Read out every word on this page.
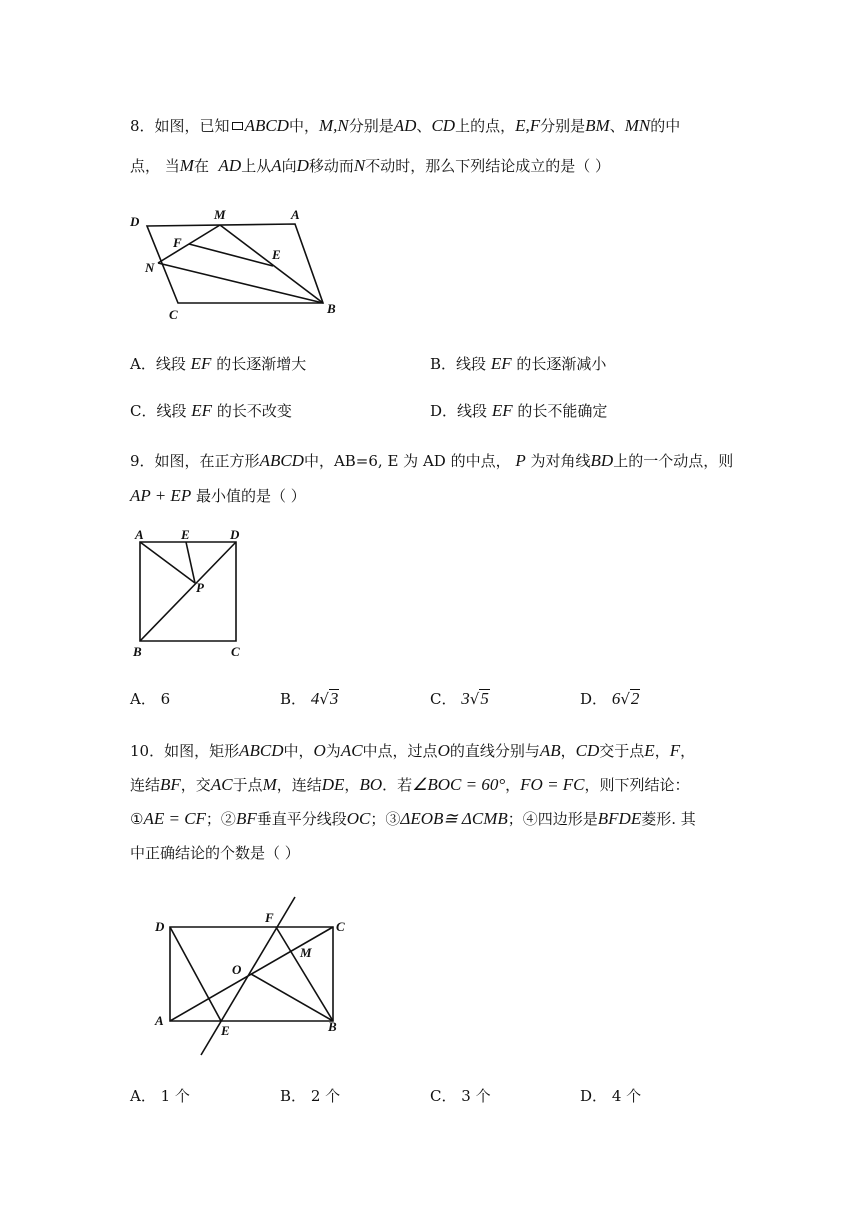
8．如图，已知 ABCD中，M,N分别是AD、CD上的点，E,F分别是BM、MN的中
点， 当M在 AD上从A向D移动而N不动时，那么下列结论成立的是（ ）
D	M	A
F
E
N
C	B
A．线段 EF 的长逐渐增大	B．线段 EF 的长逐渐减小
C．线段 EF 的长不改变	D．线段 EF 的长不能确定
9．如图，在正方形ABCD中，AB=6, E 为 AD 的中点， P 为对角线BD上的一个动点，则
AP + EP 最小值的是（ ）
A	E	D
P
B	C
A． 6	B． 4√3	C． 3√5	D． 6√2
10．如图，矩形ABCD中，O为AC中点，过点O的直线分别与AB，CD交于点E，F，
连结BF，交AC于点M，连结DE，BO．若∠BOC = 60°，FO = FC，则下列结论：
①AE = CF；②BF垂直平分线段OC；③ΔEOB≅ ΔCMB；④四边形是BFDE菱形. 其
中正确结论的个数是（ ）
D
F
C
M
O
A
E	B
A． 1 个	B． 2 个	C． 3 个	D． 4 个
